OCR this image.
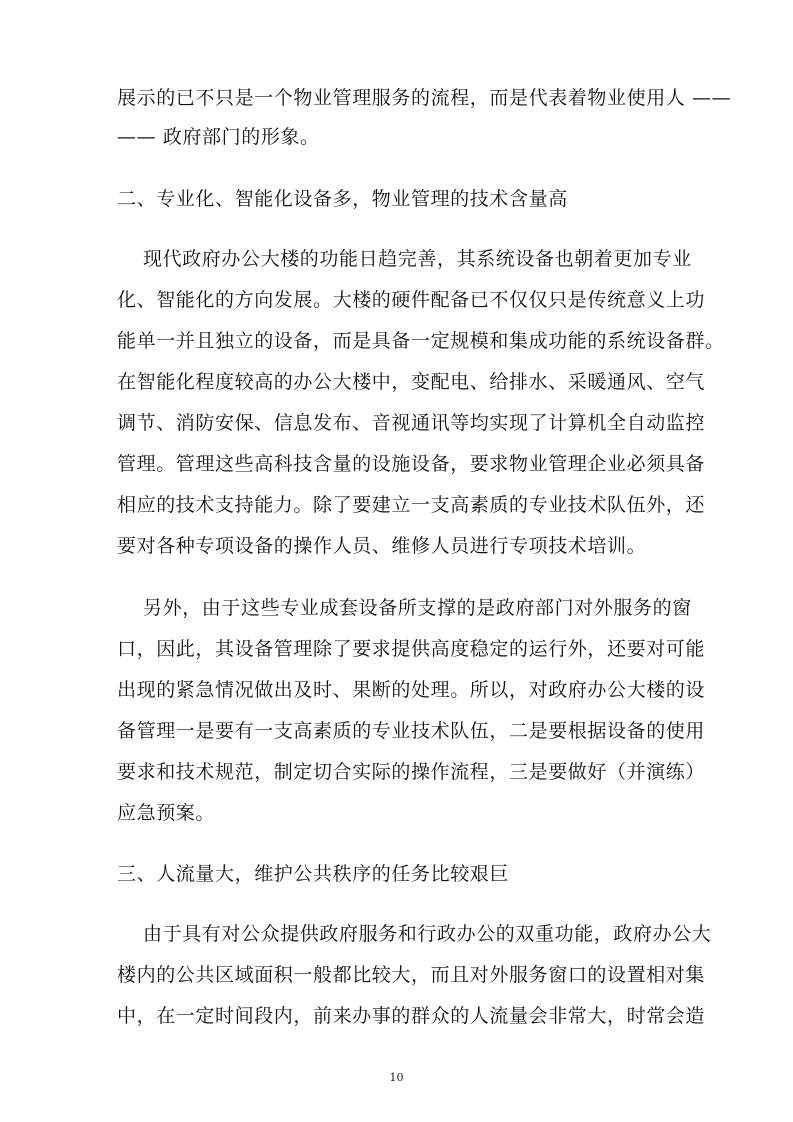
展示的已不只是一个物业管理服务的流程，而是代表着物业使用人 ——
—— 政府部门的形象。
二、专业化、智能化设备多，物业管理的技术含量高
现代政府办公大楼的功能日趋完善，其系统设备也朝着更加专业
化、智能化的方向发展。大楼的硬件配备已不仅仅只是传统意义上功
能单一并且独立的设备，而是具备一定规模和集成功能的系统设备群。
在智能化程度较高的办公大楼中，变配电、给排水、采暖通风、空气
调节、消防安保、信息发布、音视通讯等均实现了计算机全自动监控
管理。管理这些高科技含量的设施设备，要求物业管理企业必须具备
相应的技术支持能力。除了要建立一支高素质的专业技术队伍外，还
要对各种专项设备的操作人员、维修人员进行专项技术培训。
另外，由于这些专业成套设备所支撑的是政府部门对外服务的窗
口，因此，其设备管理除了要求提供高度稳定的运行外，还要对可能
出现的紧急情况做出及时、果断的处理。所以，对政府办公大楼的设
备管理一是要有一支高素质的专业技术队伍，二是要根据设备的使用
要求和技术规范，制定切合实际的操作流程，三是要做好（并演练）
应急预案。
三、人流量大，维护公共秩序的任务比较艰巨
由于具有对公众提供政府服务和行政办公的双重功能，政府办公大
楼内的公共区域面积一般都比较大，而且对外服务窗口的设置相对集
中，在一定时间段内，前来办事的群众的人流量会非常大，时常会造
10
